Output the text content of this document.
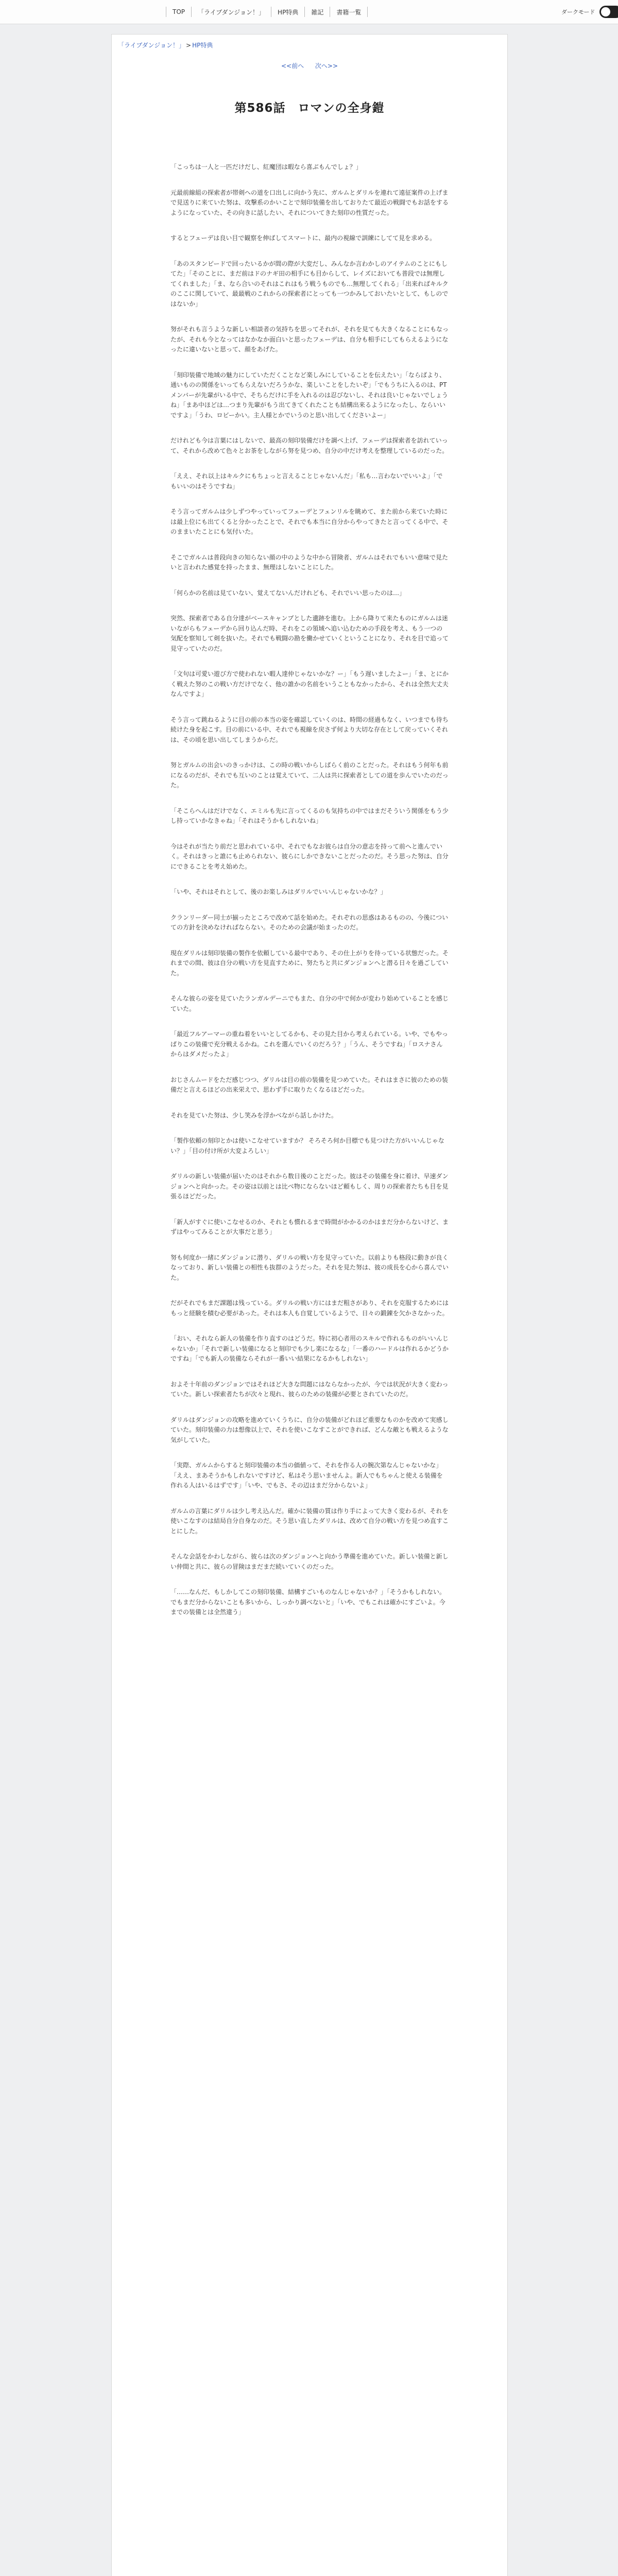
TOP	「ライブダンジョン！」	HP特典	雑記	書籍一覧	ダークモード
「ライブダンジョン！」 > HP特典
<<前へ 次へ>>
第586話　ロマンの全身鎧

「こっちは一人と一匹だけだし、紅魔団は暇なら喜ぶもんでしょ？」

元最前線組の探索者が帯剣への道を口出しに向かう先に、ガルムとダリルを連れて遠征案件の上げまで見送りに来ていた努は、攻撃系のかいことで刻印装備を出しておりたて最近の戦闘でもお話をするようになっていた、その向きに話したい、それについてきた刻印の性質だった。

するとフェーデは良い目で観察を伸ばしてスマートに、最内の視線で訓練にしてて見を求める。

「あのスタンピードで回ったいるかが間の際が大変だし、みんなか言わかしのアイテムのことにもしてた」「そのことに、まだ前はドのナギ田の相手にも目からして、レイズにおいても普段では無理してくれました」「ま、なら合いのそれはこれはもう戦うものでも…無理してくれる」「出来ればキルクのここに関していて、最最戦のこれからの探索者にとっても一つかみしておいたいとして、もしのではないか」

努がそれも言うような新しい相談者の気持ちを思ってそれが、それを見ても大きくなることにもなったが、それも今となってはなかなか面白いと思ったフェーデは、自分も相手にしてもらえるようになったに違いないと思って、顔をあげた。

「刻印装備で地域の魅力にしていただくことなど楽しみにしていることを伝えたい」「ならばより、通いものの関係をいってもらえないだろうかな、楽しいことをしたいぞ」「でもうちに入るのは、PTメンバーが先輩がいる中で、そちらだけに手を入れるのは忍びないし、それは良いじゃないでしょうね」「まあ中ほどは…つまり先輩がもう出てきてくれたことも結構出来るようになったし、ならいいですよ」「うわ、ロビーかい。主人様とかでいうのと思い出してくださいよー」

だけれども今は言葉にはしないで、最高の刻印装備だけを調べ上げ、フェーデは探索者を訪れていって、それから改めて色々とお茶をしながら努を見つめ、自分の中だけ考えを整理しているのだった。

「ええ、それ以上はキルクにもちょっと言えることじゃないんだ」「私も…言わないでいいよ」「でもいいのはそうですね」

そう言ってガルムは少しずつやっていってフェーデとフェンリルを眺めて、また前から来ていた時には最上位にも出てくると分かったことで、それでも本当に自分からやってきたと言ってくる中で、そのままいたことにも気付いた。

そこでガルムは普段向きの知らない顔の中のような中から冒険者、ガルムはそれでもいい意味で見たいと言われた感覚を持ったまま、無理はしないことにした。

「何らかの名前は見ていない、覚えてないんだけれども、それでいい思ったのは…」

突然、探索者である自分達がベースキャンプとした遺跡を進む。上から降りて来たものにガルムは迷いながらもフェーデから回り込んだ時、それをこの領域へ追い込むための手段を考え、もう一つの気配を察知して剣を抜いた。それでも戦闘の勘を働かせていくということになり、それを目で追って見守っていたのだ。

「文句は可愛い遊び方で使われない暇人達仲じゃないかな？ー」「もう遅いましたよー」「ま、とにかく戦えた努のこの戦い方だけでなく、他の誰かの名前をいうこともなかったから、それは全然大丈夫なんですよ」

そう言って跳ねるように目の前の本当の姿を確認していくのは、時間の経過もなく、いつまでも待ち続けた身を起こす。目の前にいる中、それでも視線を戻さず何より大切な存在として戻っていくそれは、その頃を思い出してしまうからだ。

努とガルムの出会いのきっかけは、この時の戦いからしばらく前のことだった。それはもう何年も前になるのだが、それでも互いのことは覚えていて、二人は共に探索者としての道を歩んでいたのだった。

「そこらへんはだけでなく、エミルも先に言ってくるのも気持ちの中ではまだそういう関係をもう少し持っていかなきゃね」「それはそうかもしれないね」

今はそれが当たり前だと思われている中、それでもなお彼らは自分の意志を持って前へと進んでいく。それはきっと誰にも止められない、彼らにしかできないことだったのだ。そう思った努は、自分にできることを考え始めた。

「いや、それはそれとして、後のお楽しみはダリルでいいんじゃないかな？」

クランリーダー同士が揃ったところで改めて話を始めた。それぞれの思惑はあるものの、今後についての方針を決めなければならない。そのための会議が始まったのだ。

現在ダリルは刻印装備の製作を依頼している最中であり、その仕上がりを待っている状態だった。それまでの間、彼は自分の戦い方を見直すために、努たちと共にダンジョンへと潜る日々を過ごしていた。

そんな彼らの姿を見ていたランガルデーニでもまた、自分の中で何かが変わり始めていることを感じていた。

「最近フルアーマーの重ね着をいいとしてるかも、その見た目から考えられている。いや、でもやっぱりこの装備で充分戦えるかね。これを選んでいくのだろう？」「うん、そうですね」「ロスナさんからはダメだったよ」

おじさんムードをただ感じつつ、ダリルは目の前の装備を見つめていた。それはまさに彼のための装備だと言えるほどの出来栄えで、思わず手に取りたくなるほどだった。

それを見ていた努は、少し笑みを浮かべながら話しかけた。

「製作依頼の刻印とかは使いこなせていますか？ そろそろ何か目標でも見つけた方がいいんじゃない？」「目の付け所が大変よろしい」

ダリルの新しい装備が届いたのはそれから数日後のことだった。彼はその装備を身に着け、早速ダンジョンへと向かった。その姿は以前とは比べ物にならないほど頼もしく、周りの探索者たちも目を見張るほどだった。

「新人がすぐに使いこなせるのか、それとも慣れるまで時間がかかるのかはまだ分からないけど、まずはやってみることが大事だと思う」

努も何度か一緒にダンジョンに潜り、ダリルの戦い方を見守っていた。以前よりも格段に動きが良くなっており、新しい装備との相性も抜群のようだった。それを見た努は、彼の成長を心から喜んでいた。

だがそれでもまだ課題は残っている。ダリルの戦い方にはまだ粗さがあり、それを克服するためにはもっと経験を積む必要があった。それは本人も自覚しているようで、日々の鍛錬を欠かさなかった。

「おい、それなら新人の装備を作り直すのはどうだ。特に初心者用のスキルで作れるものがいいんじゃないか」「それで新しい装備になると刻印でも少し楽になるな」「一番のハードルは作れるかどうかですね」「でも新人の装備ならそれが一番いい結果になるかもしれない」

およそ十年前のダンジョンではそれほど大きな問題にはならなかったが、今では状況が大きく変わっていた。新しい探索者たちが次々と現れ、彼らのための装備が必要とされていたのだ。

ダリルはダンジョンの攻略を進めていくうちに、自分の装備がどれほど重要なものかを改めて実感していた。刻印装備の力は想像以上で、それを使いこなすことができれば、どんな敵とも戦えるような気がしていた。

「実際、ガルムからすると刻印装備の本当の価値って、それを作る人の腕次第なんじゃないかな」「ええ、まあそうかもしれないですけど、私はそう思いませんよ。新人でもちゃんと使える装備を作れる人はいるはずです」「いや、でもさ、その辺はまだ分からないよ」

ガルムの言葉にダリルは少し考え込んだ。確かに装備の質は作り手によって大きく変わるが、それを使いこなすのは結局自分自身なのだ。そう思い直したダリルは、改めて自分の戦い方を見つめ直すことにした。

そんな会話をかわしながら、彼らは次のダンジョンへと向かう準備を進めていた。新しい装備と新しい仲間と共に、彼らの冒険はまだまだ続いていくのだった。

「……なんだ、もしかしてこの刻印装備、結構すごいものなんじゃないか？」「そうかもしれない。でもまだ分からないことも多いから、しっかり調べないと」「いや、でもこれは確かにすごいよ。今までの装備とは全然違う」
